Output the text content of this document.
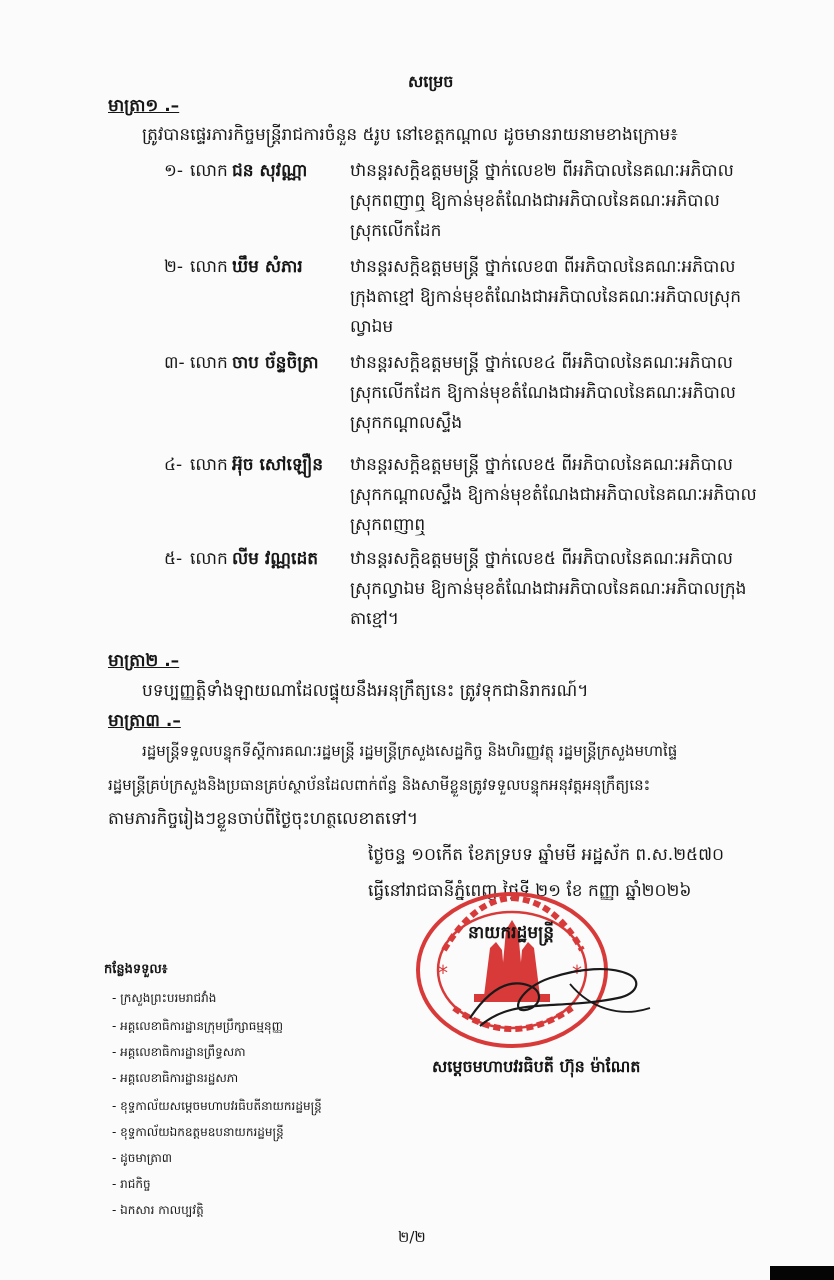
សម្រេច
មាត្រា១ .–
ត្រូវបានផ្ទេរភារកិច្ចមន្ត្រីរាជការចំនួន ៥រូប នៅខេត្តកណ្ដាល ដូចមានរាយនាមខាងក្រោម៖
១- លោក ជន សុវណ្ណា	ឋានន្តរសក្តិឧត្តមមន្ត្រី ថ្នាក់លេខ២ ពីអភិបាលនៃគណៈអភិបាល
ស្រុកពញាឮ ឱ្យកាន់មុខតំណែងជាអភិបាលនៃគណៈអភិបាល
ស្រុកលើកដែក
២- លោក ឃឹម សំភារ	ឋានន្តរសក្តិឧត្តមមន្ត្រី ថ្នាក់លេខ៣ ពីអភិបាលនៃគណៈអភិបាល
ក្រុងតាខ្មៅ ឱ្យកាន់មុខតំណែងជាអភិបាលនៃគណៈអភិបាលស្រុក
ល្វាឯម
៣- លោក ចាប ច័ន្ទចិត្រា ឋានន្តរសក្តិឧត្តមមន្ត្រី ថ្នាក់លេខ៤ ពីអភិបាលនៃគណៈអភិបាល
ស្រុកលើកដែក ឱ្យកាន់មុខតំណែងជាអភិបាលនៃគណៈអភិបាល
ស្រុកកណ្ដាលស្ទឹង
៤- លោក អ៊ុច សៅឡឿន ឋានន្តរសក្តិឧត្តមមន្ត្រី ថ្នាក់លេខ៥ ពីអភិបាលនៃគណៈអភិបាល
ស្រុកកណ្ដាលស្ទឹង ឱ្យកាន់មុខតំណែងជាអភិបាលនៃគណៈអភិបាល
ស្រុកពញាឮ
៥- លោក លីម វណ្ណដេត ឋានន្តរសក្តិឧត្តមមន្ត្រី ថ្នាក់លេខ៥ ពីអភិបាលនៃគណៈអភិបាល
ស្រុកល្វាឯម ឱ្យកាន់មុខតំណែងជាអភិបាលនៃគណៈអភិបាលក្រុង
តាខ្មៅ។
មាត្រា២ .–
បទប្បញ្ញត្តិទាំងឡាយណាដែលផ្ទុយនឹងអនុក្រឹត្យនេះ ត្រូវទុកជានិរាករណ៍។
មាត្រា៣ .–
រដ្ឋមន្ត្រីទទួលបន្ទុកទីស្តីការគណៈរដ្ឋមន្ត្រី រដ្ឋមន្ត្រីក្រសួងសេដ្ឋកិច្ច និងហិរញ្ញវត្ថុ រដ្ឋមន្ត្រីក្រសួងមហាផ្ទៃ
រដ្ឋមន្ត្រីគ្រប់ក្រសួងនិងប្រធានគ្រប់ស្ថាប័នដែលពាក់ព័ន្ធ និងសាមីខ្លួនត្រូវទទួលបន្ទុកអនុវត្តអនុក្រឹត្យនេះ
តាមភារកិច្ចរៀងៗខ្លួនចាប់ពីថ្ងៃចុះហត្ថលេខាតទៅ។
ថ្ងៃចន្ទ ១០កើត ខែភទ្របទ ឆ្នាំមមី អដ្ឋស័ក ព.ស.២៥៧០
ធ្វើនៅរាជធានីភ្នំពេញ ថ្ងៃទី ២១ ខែ កញ្ញា ឆ្នាំ២០២៦
*	*
នាយករដ្ឋមន្ត្រី
សម្ដេចមហាបវរធិបតី ហ៊ុន ម៉ាណែត
កន្លែងទទួល៖
- ក្រសួងព្រះបរមរាជវាំង
- អគ្គលេខាធិការដ្ឋានក្រុមប្រឹក្សាធម្មនុញ្ញ
- អគ្គលេខាធិការដ្ឋានព្រឹទ្ធសភា
- អគ្គលេខាធិការដ្ឋានរដ្ឋសភា
- ខុទ្ទកាល័យសម្ដេចមហាបវរធិបតីនាយករដ្ឋមន្ត្រី
- ខុទ្ទកាល័យឯកឧត្តមឧបនាយករដ្ឋមន្ត្រី
- ដូចមាត្រា៣
- រាជកិច្ច
- ឯកសារ កាលប្បវត្តិ
២/២
